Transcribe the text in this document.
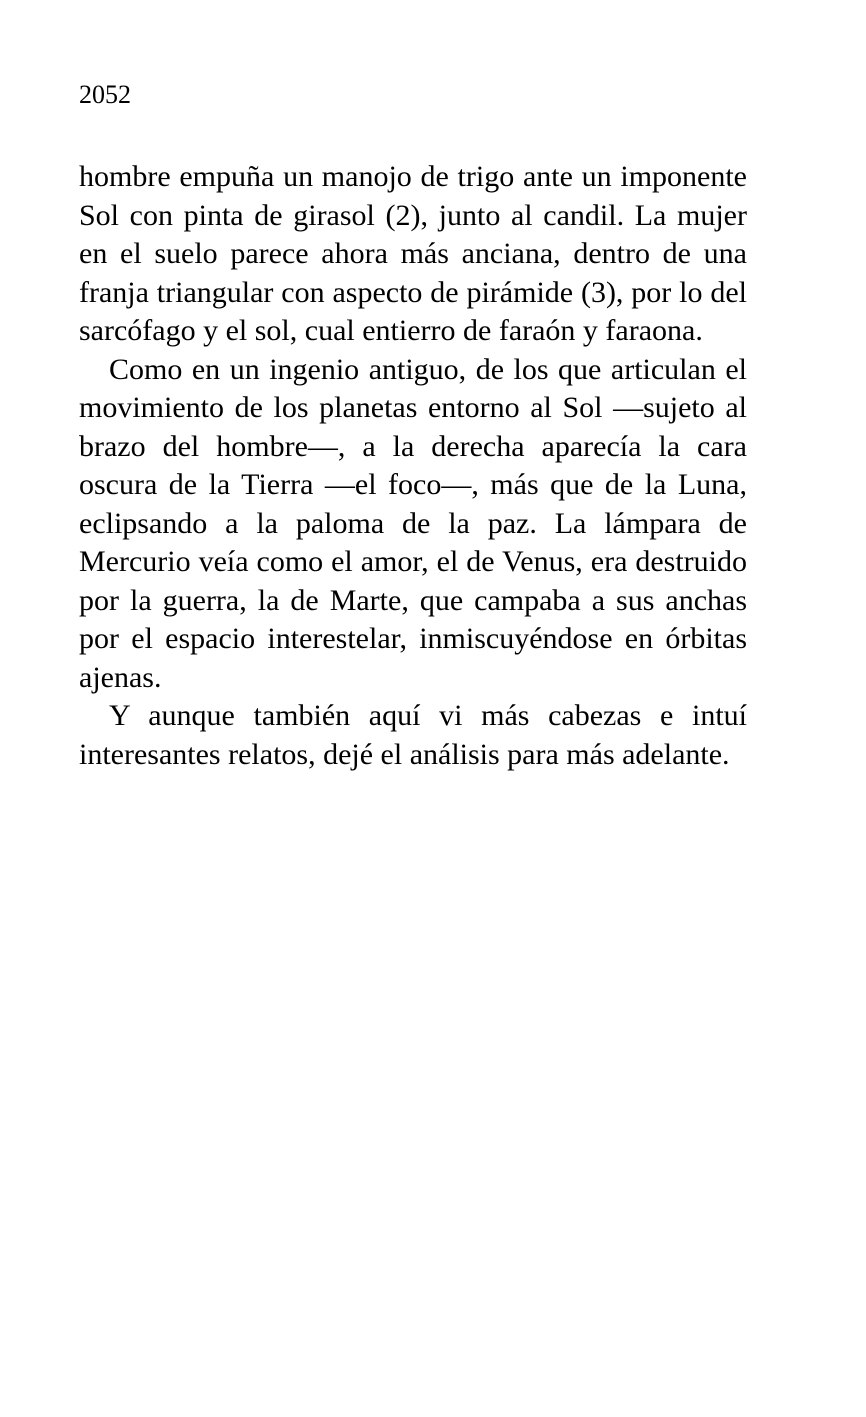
2052

hombre empuña un manojo de trigo ante un imponente Sol con pinta de girasol (2), junto al candil. La mujer en el suelo parece ahora más anciana, dentro de una franja triangular con aspecto de pirámide (3), por lo del sarcófago y el sol, cual entierro de faraón y faraona.

Como en un ingenio antiguo, de los que articulan el movimiento de los planetas entorno al Sol ―sujeto al brazo del hombre―, a la derecha aparecía la cara oscura de la Tierra ―el foco―, más que de la Luna, eclipsando a la paloma de la paz. La lámpara de Mercurio veía como el amor, el de Venus, era destruido por la guerra, la de Marte, que campaba a sus anchas por el espacio interestelar, inmiscuyéndose en órbitas ajenas.

Y aunque también aquí vi más cabezas e intuí interesantes relatos, dejé el análisis para más adelante.
